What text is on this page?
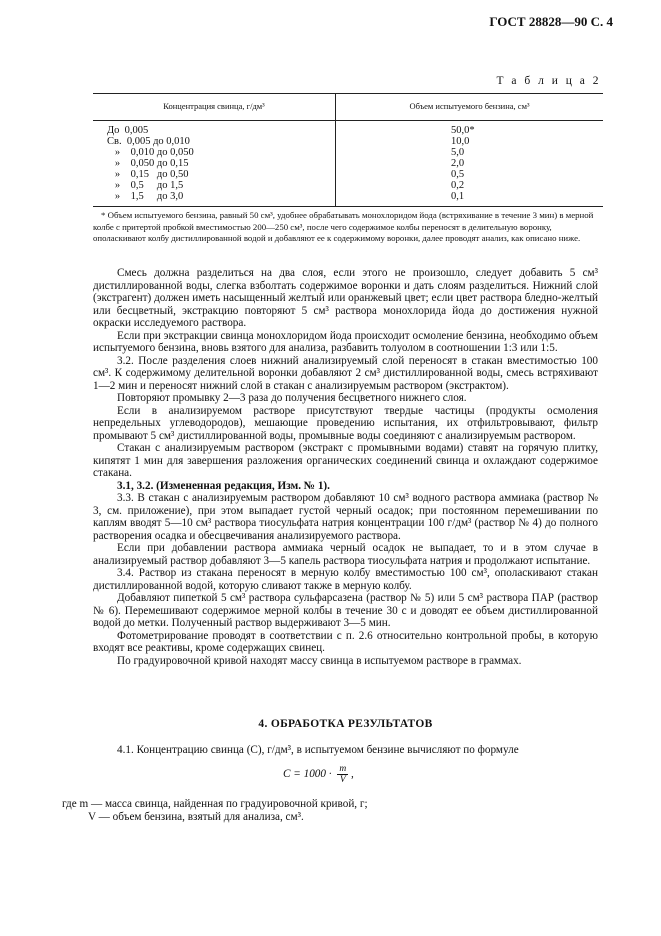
ГОСТ 28828—90 С. 4
Т а б л и ц а 2
Концентрация свинца, г/дм³	Объем испытуемого бензина, см³
До  0,005	50,0*
Св.  0,005 до 0,010	10,0
»    0,010 до 0,050	5,0
»    0,050 до 0,15	2,0
»    0,15   до 0,50	0,5
»    0,5     до 1,5	0,2
»    1,5     до 3,0	0,1
* Объем испытуемого бензина, равный 50 см³, удобнее обрабатывать монохлоридом йода (встряхивание в течение 3 мин) в мерной колбе с притертой пробкой вместимостью 200—250 см³, после чего содержимое колбы переносят в делительную воронку, ополаскивают колбу дистиллированной водой и добавляют ее к содержимому воронки, далее проводят анализ, как описано ниже.

Смесь должна разделиться на два слоя, если этого не произошло, следует добавить 5 см³ дистиллированной воды, слегка взболтать содержимое воронки и дать слоям разделиться. Нижний слой (экстрагент) должен иметь насыщенный желтый или оранжевый цвет; если цвет раствора бледно-желтый или бесцветный, экстракцию повторяют 5 см³ раствора монохлорида йода до достижения нужной окраски исследуемого раствора.

Если при экстракции свинца монохлоридом йода происходит осмоление бензина, необходимо объем испытуемого бензина, вновь взятого для анализа, разбавить толуолом в соотношении 1:3 или 1:5.

3.2. После разделения слоев нижний анализируемый слой переносят в стакан вместимостью 100 см³. К содержимому делительной воронки добавляют 2 см³ дистиллированной воды, смесь встряхивают 1—2 мин и переносят нижний слой в стакан с анализируемым раствором (экстрактом).

Повторяют промывку 2—3 раза до получения бесцветного нижнего слоя.

Если в анализируемом растворе присутствуют твердые частицы (продукты осмоления непредельных углеводородов), мешающие проведению испытания, их отфильтровывают, фильтр промывают 5 см³ дистиллированной воды, промывные воды соединяют с анализируемым раствором.

Стакан с анализируемым раствором (экстракт с промывными водами) ставят на горячую плитку, кипятят 1 мин для завершения разложения органических соединений свинца и охлаждают содержимое стакана.

3.1, 3.2. (Измененная редакция, Изм. № 1).

3.3. В стакан с анализируемым раствором добавляют 10 см³ водного раствора аммиака (раствор № 3, см. приложение), при этом выпадает густой черный осадок; при постоянном перемешивании по каплям вводят 5—10 см³ раствора тиосульфата натрия концентрации 100 г/дм³ (раствор № 4) до полного растворения осадка и обесцвечивания анализируемого раствора.

Если при добавлении раствора аммиака черный осадок не выпадает, то и в этом случае в анализируемый раствор добавляют 3—5 капель раствора тиосульфата натрия и продолжают испытание.

3.4. Раствор из стакана переносят в мерную колбу вместимостью 100 см³, ополаскивают стакан дистиллированной водой, которую сливают также в мерную колбу.

Добавляют пипеткой 5 см³ раствора сульфарсазена (раствор № 5) или 5 см³ раствора ПАР (раствор № 6). Перемешивают содержимое мерной колбы в течение 30 с и доводят ее объем дистиллированной водой до метки. Полученный раствор выдерживают 3—5 мин.

Фотометрирование проводят в соответствии с п. 2.6 относительно контрольной пробы, в которую входят все реактивы, кроме содержащих свинец.

По градуировочной кривой находят массу свинца в испытуемом растворе в граммах.

4. ОБРАБОТКА РЕЗУЛЬТАТОВ
4.1. Концентрацию свинца (C), г/дм³, в испытуемом бензине вычисляют по формуле
$C = 1000 \cdot \frac{m}{V}$ ,
где m — масса свинца, найденная по градуировочной кривой, г;
V — объем бензина, взятый для анализа, см³.
